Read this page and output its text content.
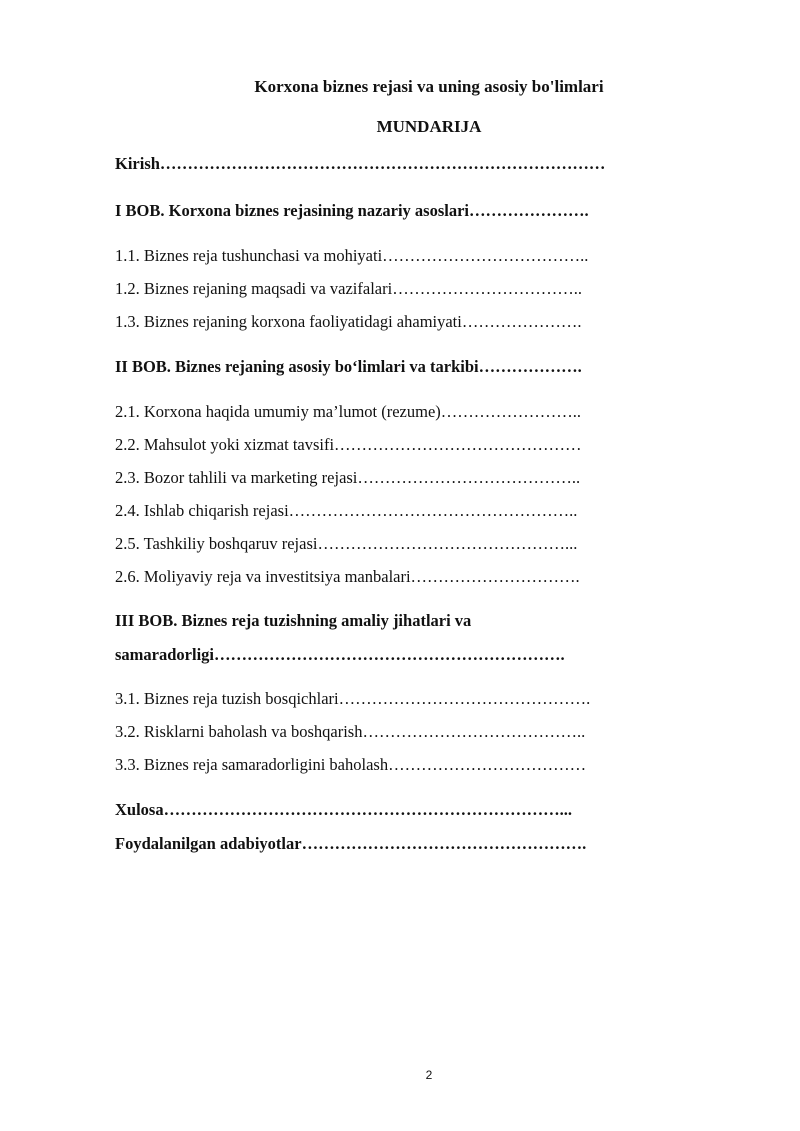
Korxona biznes rejasi va uning asosiy bo'limlari
MUNDARIJA

Kirish………………………………………………………………………

I BOB. Korxona biznes rejasining nazariy asoslari………………….

1.1. Biznes reja tushunchasi va mohiyati………………………………..

1.2. Biznes rejaning maqsadi va vazifalari……………………………..

1.3. Biznes rejaning korxona faoliyatidagi ahamiyati………………….

II BOB. Biznes rejaning asosiy bo‘limlari va tarkibi……………….

2.1. Korxona haqida umumiy ma’lumot (rezume)……………………..

2.2. Mahsulot yoki xizmat tavsifi………………………………………

2.3. Bozor tahlili va marketing rejasi…………………………………..

2.4. Ishlab chiqarish rejasi……………………………………………..

2.5. Tashkiliy boshqaruv rejasi………………………………………...

2.6. Moliyaviy reja va investitsiya manbalari………………………….

III BOB. Biznes reja tuzishning amaliy jihatlari va

samaradorligi……………………………………………………….

3.1. Biznes reja tuzish bosqichlari……………………………………….

3.2. Risklarni baholash va boshqarish…………………………………..

3.3. Biznes reja samaradorligini baholash………………………………

Xulosa………………………………………………………………...

Foydalanilgan adabiyotlar…………………………………………….

2
